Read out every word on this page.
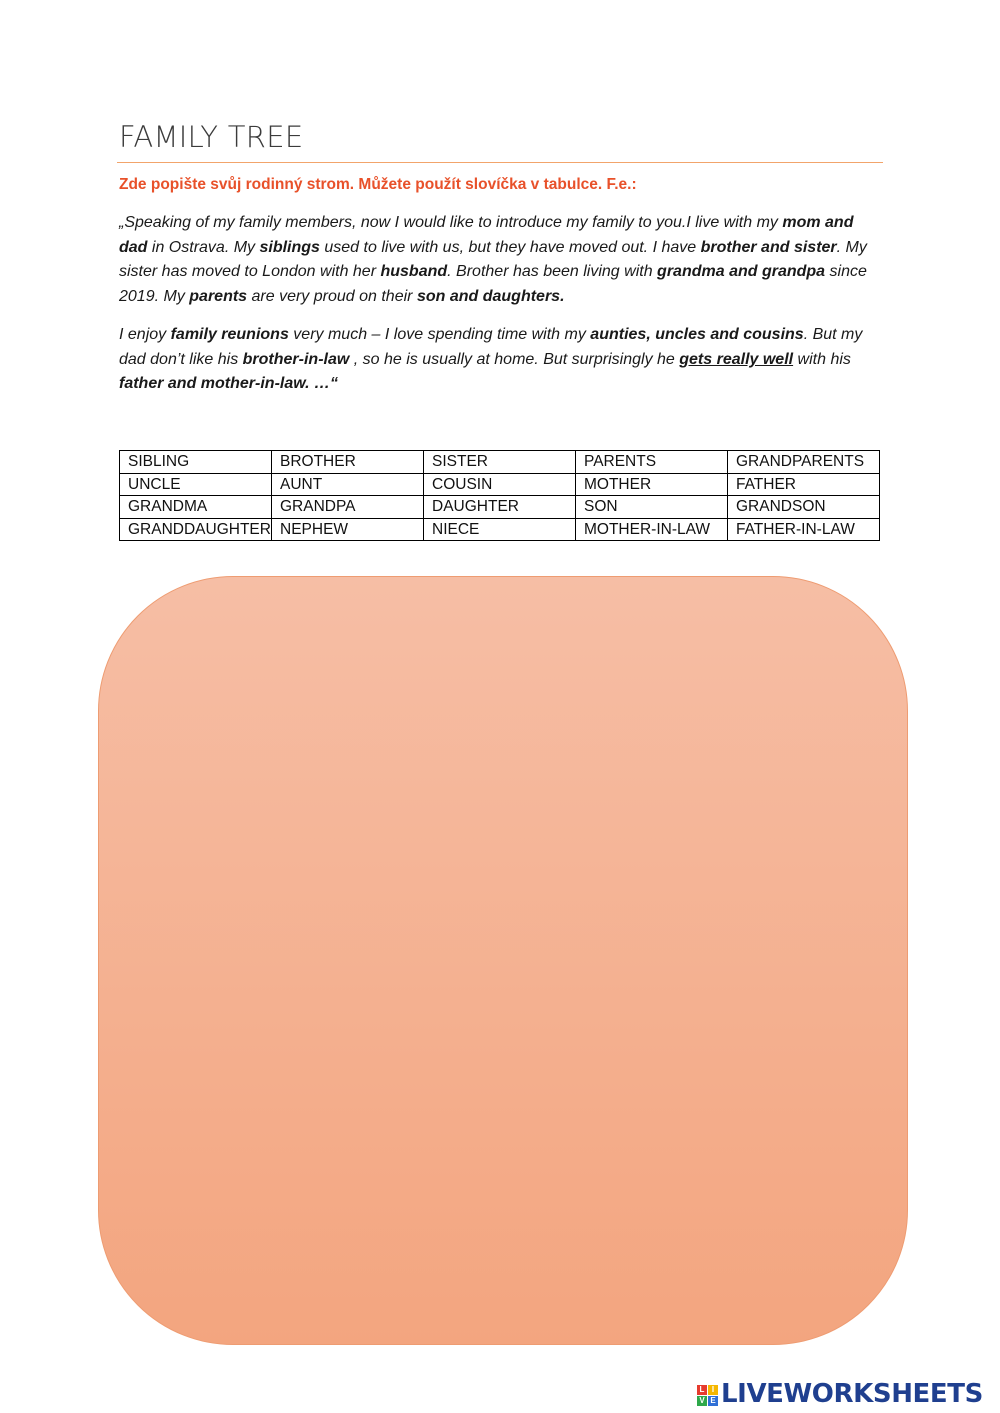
FAMILY TREE
Zde popište svůj rodinný strom. Můžete použít slovíčka v tabulce. F.e.:

„Speaking of my family members, now I would like to introduce my family to you.I live with my mom and dad in Ostrava. My siblings used to live with us, but they have moved out. I have brother and sister. My sister has moved to London with her husband. Brother has been living with grandma and grandpa since 2019. My parents are very proud on their son and daughters.

I enjoy family reunions very much – I love spending time with my aunties, uncles and cousins. But my dad don’t like his brother-in-law , so he is usually at home. But surprisingly he gets really well with his father and mother-in-law. …“

SIBLING	BROTHER	SISTER	PARENTS	GRANDPARENTS
UNCLE	AUNT	COUSIN	MOTHER	FATHER
GRANDMA	GRANDPA	DAUGHTER	SON	GRANDSON
GRANDDAUGHTER	NEPHEW	NIECE	MOTHER-IN-LAW	FATHER-IN-LAW
L I
V E LIVEWORKSHEETS
